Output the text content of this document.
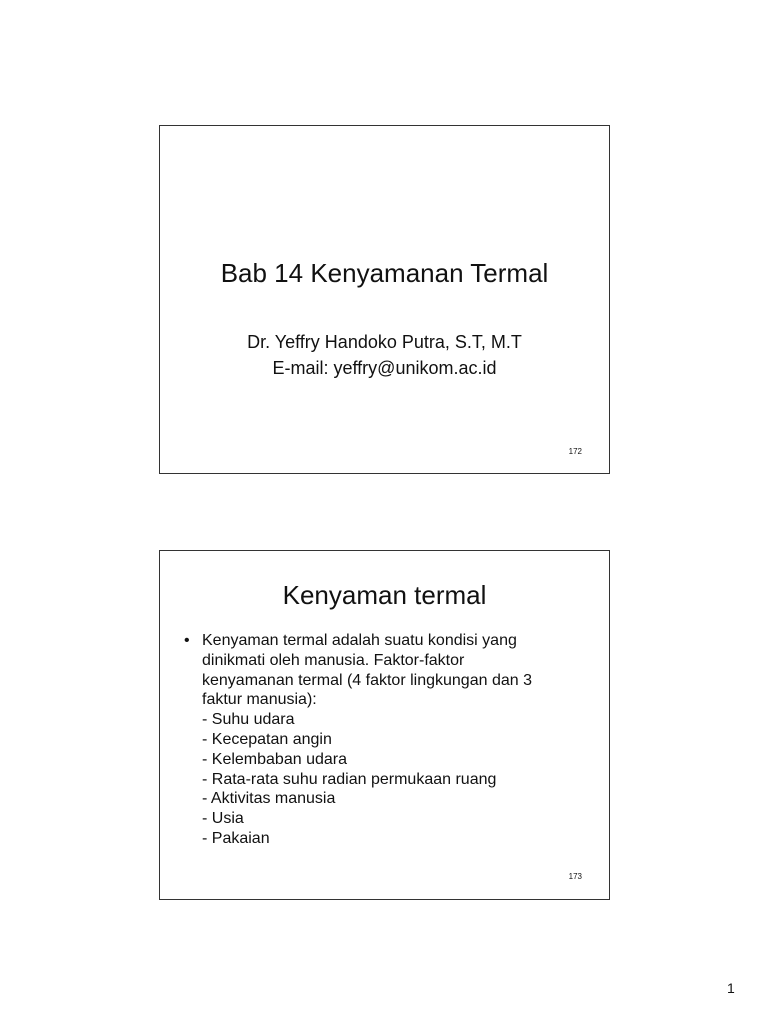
Bab 14 Kenyamanan Termal
Dr. Yeffry Handoko Putra, S.T, M.T
E-mail: yeffry@unikom.ac.id
172
Kenyaman termal
• Kenyaman termal adalah suatu kondisi yang
dinikmati oleh manusia. Faktor-faktor
kenyamanan termal (4 faktor lingkungan dan 3
faktur manusia):
- Suhu udara
- Kecepatan angin
- Kelembaban udara
- Rata-rata suhu radian permukaan ruang
- Aktivitas manusia
- Usia
- Pakaian
173
1
